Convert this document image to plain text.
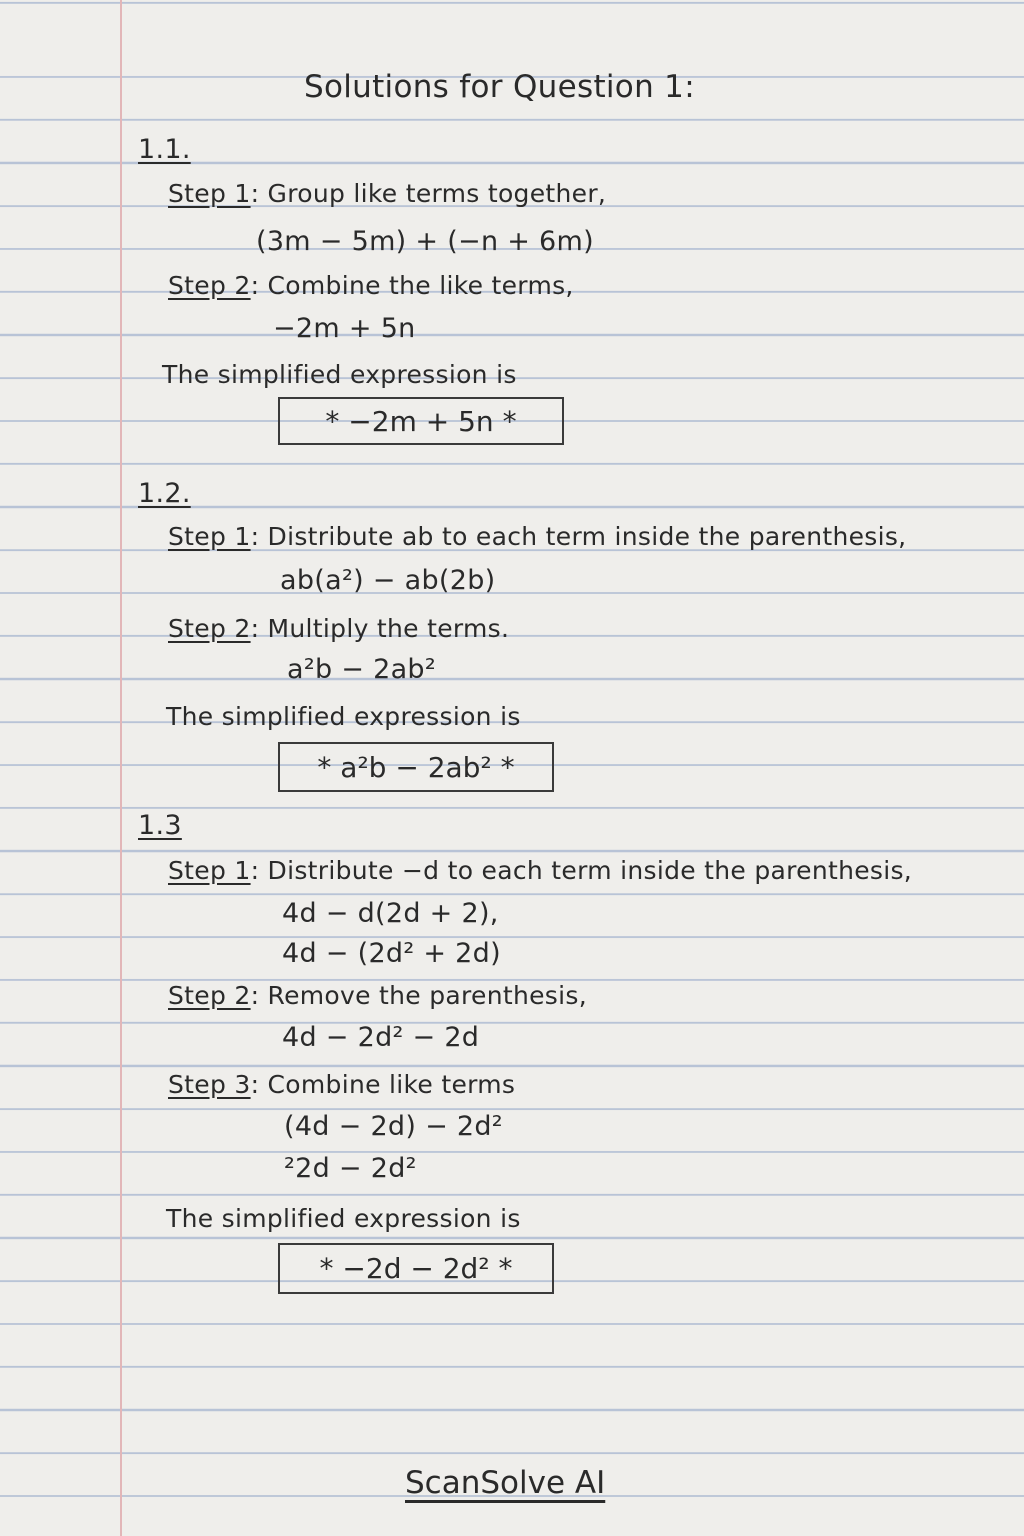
Solutions for Question 1:
1.1.
Step 1: Group like terms together,
(3m − 5m) + (−n + 6m)
Step 2: Combine the like terms,
−2m + 5n
The simplified expression is
* −2m + 5n *
1.2.
Step 1: Distribute ab to each term inside the parenthesis,
ab(a²) − ab(2b)
Step 2: Multiply the terms.
a²b − 2ab²
The simplified expression is
* a²b − 2ab² *
1.3
Step 1: Distribute −d to each term inside the parenthesis,
4d − d(2d + 2),
4d − (2d² + 2d)
Step 2: Remove the parenthesis,
4d − 2d² − 2d
Step 3: Combine like terms
(4d − 2d) − 2d²
²2d − 2d²
The simplified expression is
* −2d − 2d² *
ScanSolve AI
